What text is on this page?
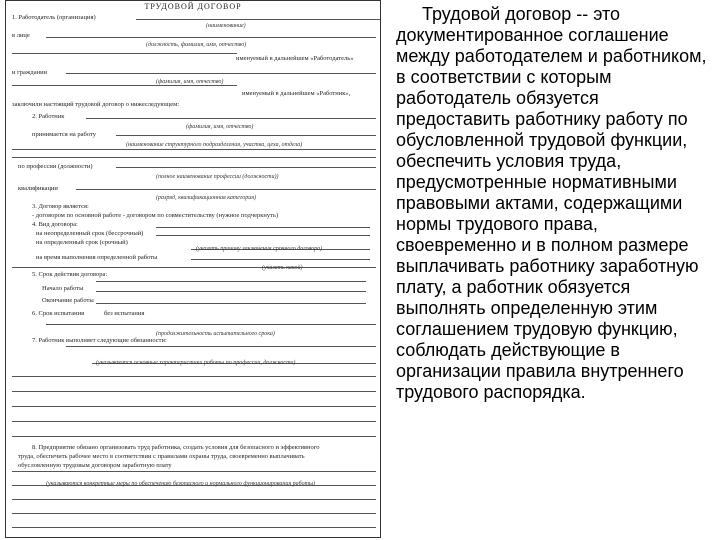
ТРУДОВОЙ ДОГОВОР
1. Работодатель (организация)
(наименование)
в лице
(должность, фамилия, имя, отчество)
именуемый в дальнейшем «Работодатель»
и гражданин
(фамилия, имя, отчество)
именуемый в дальнейшем «Работник»,
заключили настоящий трудовой договор о нижеследующем:
2. Работник
(фамилия, имя, отчество)
принимается на работу
(наименование структурного подразделения, участка, цеха, отдела)
по профессии (должности)
(полное наименование профессии (должности))
квалификации
(разряд, квалификационная категория)
3. Договор является:
- договором по основной работе - договором по совместительству (нужное подчеркнуть)
4. Вид договора:
на неопределенный срок (бессрочный)
на определенный срок (срочный)
(указать причину заключения срочного договора)
на время выполнения определенной работы
(указать какой)
5. Срок действия договора:
Начало работы
Окончание работы
6. Срок испытания	без испытания
(продолжительность испытательного срока)
7. Работник выполняет следующие обязанности:
(указываются основные характеристики работы по профессии, должности)
8. Предприятие обязано организовать труд работника, создать условия для безопасного и эффективного
труда, обеспечить рабочее место в соответствии с правилами охраны труда, своевременно выплачивать
обусловленную трудовым договором заработную плату
(указываются конкретные меры по обеспечению безопасного и нормального функционирования работы)
Трудовой договор -- это документированное соглашение между работодателем и работником, в соответствии с которым работодатель обязуется предоставить работнику работу по обусловленной трудовой функции, обеспечить условия труда, предусмотренные нормативными правовыми актами, содержащими нормы трудового права, своевременно и в полном размере выплачивать работнику заработную плату, а работник обязуется выполнять определенную этим соглашением трудовую функцию, соблюдать действующие в организации правила внутреннего трудового распорядка.
